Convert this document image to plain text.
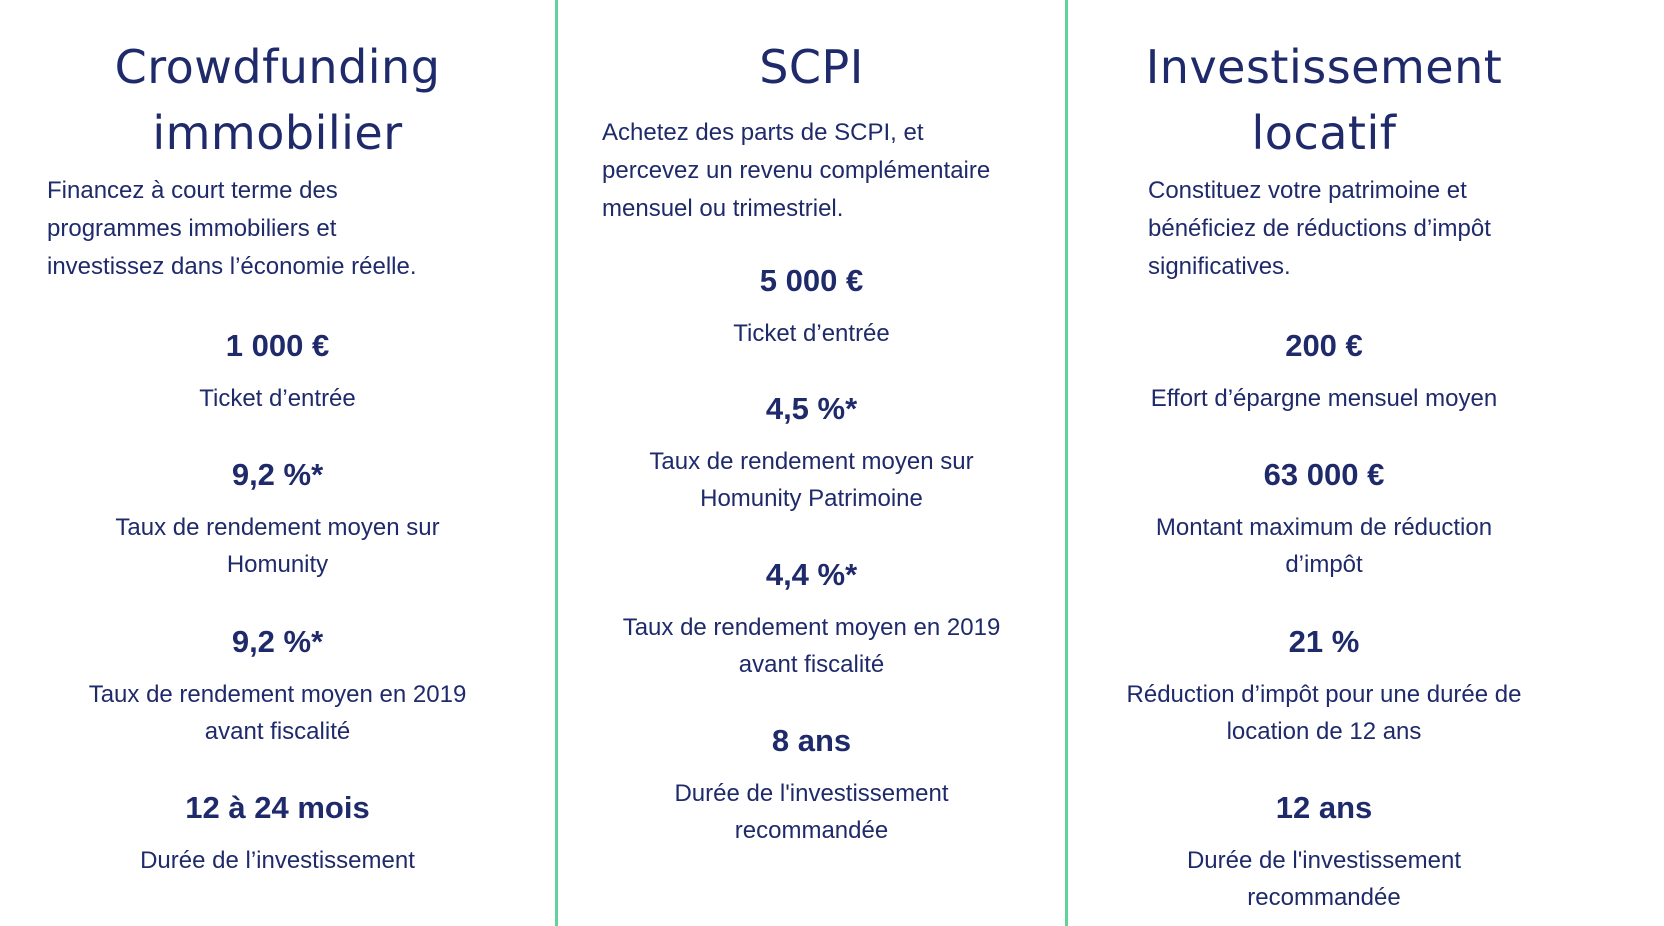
Crowdfunding
immobilier

Financez à court terme des programmes immobiliers et investissez dans l’économie réelle.

1 000 €

Ticket d’entrée

9,2 %*

Taux de rendement moyen sur Homunity

9,2 %*

Taux de rendement moyen en 2019 avant fiscalité

12 à 24 mois

Durée de l’investissement

SCPI

Achetez des parts de SCPI, et percevez un revenu complémentaire mensuel ou trimestriel.

5 000 €

Ticket d’entrée

4,5 %*

Taux de rendement moyen sur Homunity Patrimoine

4,4 %*

Taux de rendement moyen en 2019 avant fiscalité

8 ans

Durée de l'investissement recommandée

Investissement
locatif

Constituez votre patrimoine et bénéficiez de réductions d’impôt significatives.

200 €

Effort d’épargne mensuel moyen

63 000 €

Montant maximum de réduction d’impôt

21 %

Réduction d’impôt pour une durée de location de 12 ans

12 ans

Durée de l'investissement recommandée
